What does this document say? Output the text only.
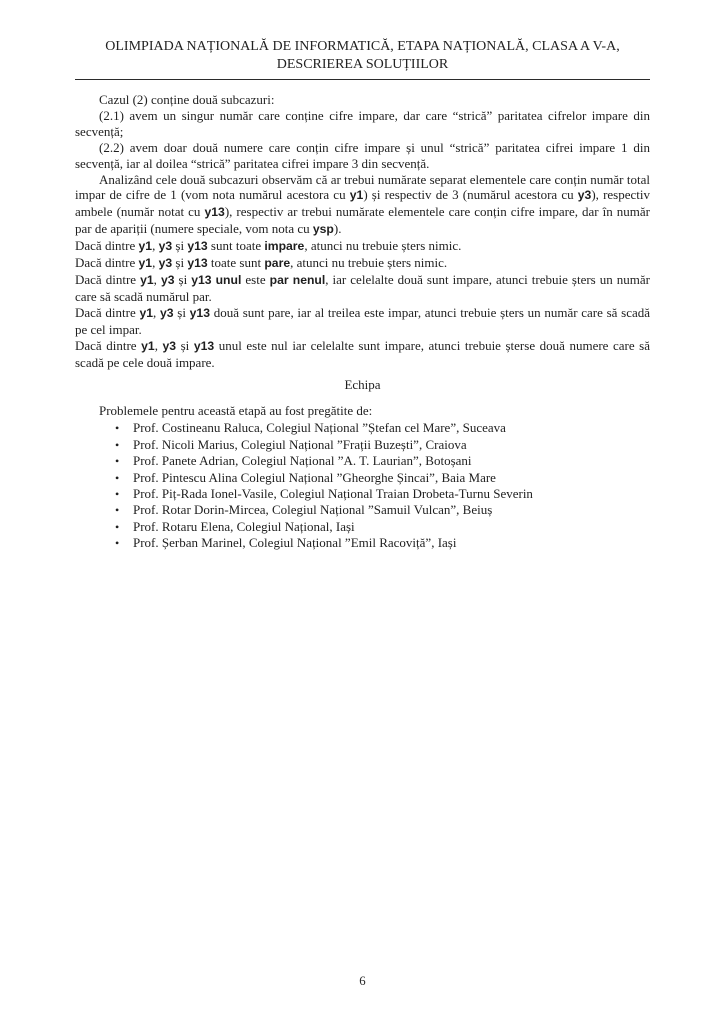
OLIMPIADA NAȚIONALĂ DE INFORMATICĂ, ETAPA NAȚIONALĂ, CLASA A V-A,
DESCRIEREA SOLUȚIILOR

Cazul (2) conține două subcazuri:

(2.1) avem un singur număr care conține cifre impare, dar care “strică” paritatea cifrelor impare din secvență;

(2.2) avem doar două numere care conțin cifre impare și unul “strică” paritatea cifrei impare 1 din secvență, iar al doilea “strică” paritatea cifrei impare 3 din secvență.

Analizând cele două subcazuri observăm că ar trebui numărate separat elementele care conțin număr total impar de cifre de 1 (vom nota numărul acestora cu y1) și respectiv de 3 (numărul acestora cu y3), respectiv ambele (număr notat cu y13), respectiv ar trebui numărate elementele care conțin cifre impare, dar în număr par de apariții (numere speciale, vom nota cu ysp).

Dacă dintre y1, y3 și y13 sunt toate impare, atunci nu trebuie șters nimic.

Dacă dintre y1, y3 și y13 toate sunt pare, atunci nu trebuie șters nimic.

Dacă dintre y1, y3 și y13 unul este par nenul, iar celelalte două sunt impare, atunci trebuie șters un număr care să scadă numărul par.

Dacă dintre y1, y3 și y13 două sunt pare, iar al treilea este impar, atunci trebuie șters un număr care să scadă pe cel impar.

Dacă dintre y1, y3 și y13 unul este nul iar celelalte sunt impare, atunci trebuie șterse două numere care să scadă pe cele două impare.

Echipa

Problemele pentru această etapă au fost pregătite de:

•	Prof. Costineanu Raluca, Colegiul Național ”Ștefan cel Mare”, Suceava
•	Prof. Nicoli Marius, Colegiul Național ”Frații Buzești”, Craiova
•	Prof. Panete Adrian, Colegiul Național ”A. T. Laurian”, Botoșani
•	Prof. Pintescu Alina Colegiul Național ”Gheorghe Șincai”, Baia Mare
•	Prof. Piț-Rada Ionel-Vasile, Colegiul Național Traian Drobeta-Turnu Severin
•	Prof. Rotar Dorin-Mircea, Colegiul Național ”Samuil Vulcan”, Beiuș
•	Prof. Rotaru Elena, Colegiul Național, Iași
•	Prof. Șerban Marinel, Colegiul Național ”Emil Racoviță”, Iași
6
